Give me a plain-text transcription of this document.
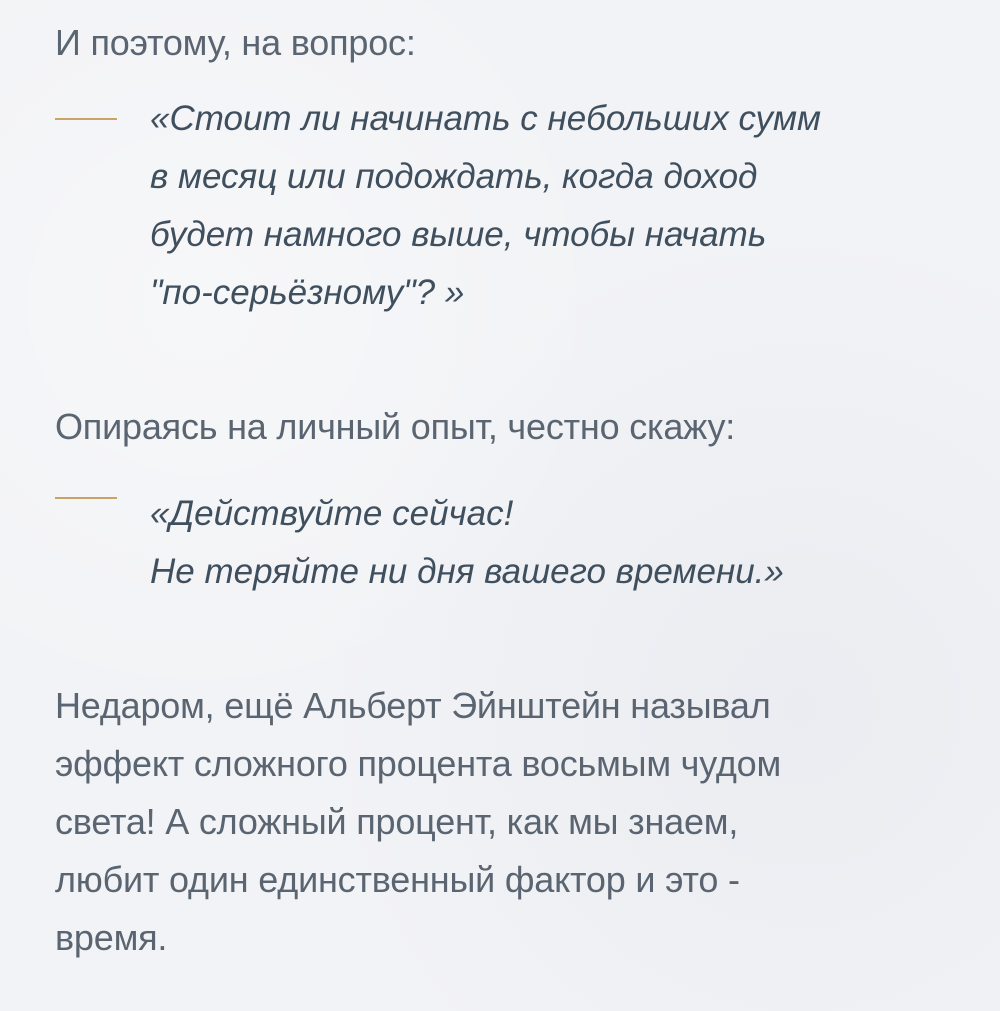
И поэтому, на вопрос:

«Стоит ли начинать с небольших сумм
в месяц или подождать, когда доход
будет намного выше, чтобы начать
"по-серьёзному"? »

Опираясь на личный опыт, честно скажу:

«Действуйте сейчас!
Не теряйте ни дня вашего времени.»

Недаром, ещё Альберт Эйнштейн называл
эффект сложного процента восьмым чудом
света! А сложный процент, как мы знаем,
любит один единственный фактор и это -
время.
